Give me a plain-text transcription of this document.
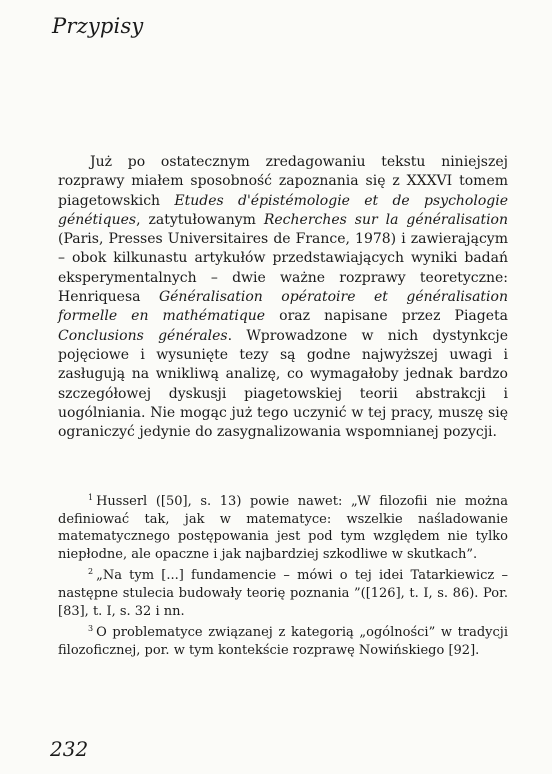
Przypisy

Już po ostatecznym zredagowaniu tekstu niniejszej rozprawy miałem sposobność zapoznania się z XXXVI tomem piagetowskich Etudes d'épistémologie et de psychologie génétiques, zatytułowanym Recherches sur la généralisation (Paris, Presses Universitaires de France, 1978) i zawierającym – obok kilkunastu artykułów przedstawiających wyniki badań eksperymentalnych – dwie ważne rozprawy teoretyczne: Henriquesa Généralisation opératoire et généralisation formelle en mathématique oraz napisane przez Piageta Conclusions générales. Wprowadzone w nich dystynkcje pojęciowe i wysunięte tezy są godne najwyższej uwagi i zasługują na wnikliwą analizę, co wymagałoby jednak bardzo szczegółowej dyskusji piagetowskiej teorii abstrakcji i uogólniania. Nie mogąc już tego uczynić w tej pracy, muszę się ograniczyć jedynie do zasygnalizowania wspomnianej pozycji.

$^1$ Husserl ([50], s. 13) powie nawet: „W filozofii nie można definiować tak, jak w matematyce: wszelkie naśladowanie matematycznego postępowania jest pod tym względem nie tylko niepłodne, ale opaczne i jak najbardziej szkodliwe w skutkach”.

$^2$ „Na tym [...] fundamencie – mówi o tej idei Tatarkiewicz – następne stulecia budowały teorię poznania ”([126], t. I, s. 86). Por. [83], t. I, s. 32 i nn.

$^3$ O problematyce związanej z kategorią „ogólności” w tradycji filozoficznej, por. w tym kontekście rozprawę Nowińskiego [92].

232
